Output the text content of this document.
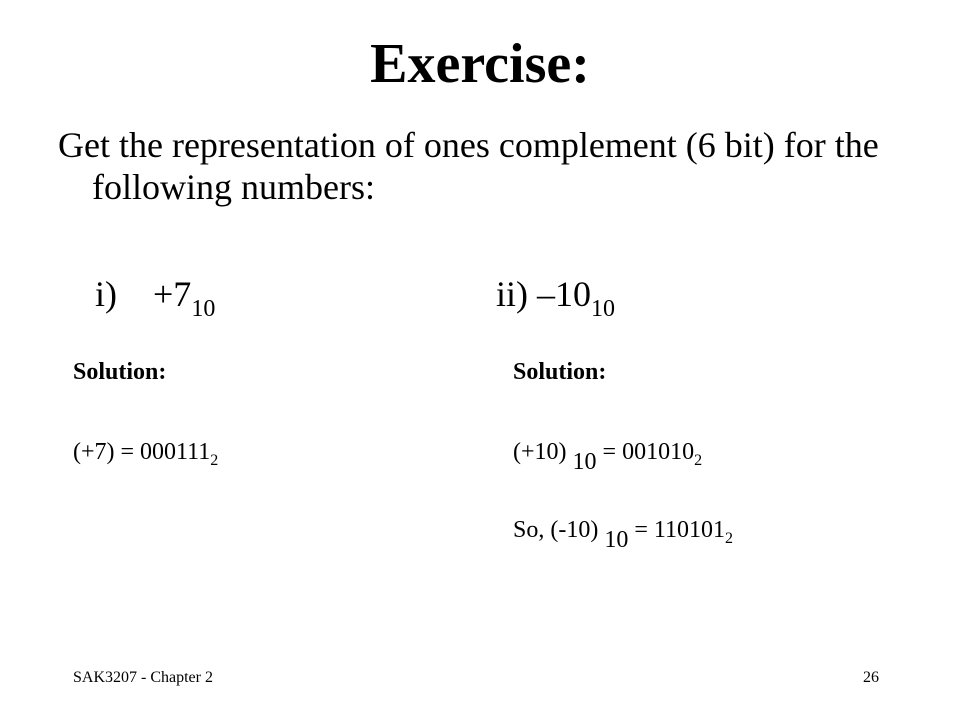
Exercise:
Get the representation of ones complement (6 bit) for the following numbers:
$i) +7_{10}$	ii) $-10_{10}$
Solution:
$(+7) = 000111_2$
Solution:
(+10) $10 = 001010_2$
So, (-10) $10 = 110101_2$
SAK3207 - Chapter 2	26
